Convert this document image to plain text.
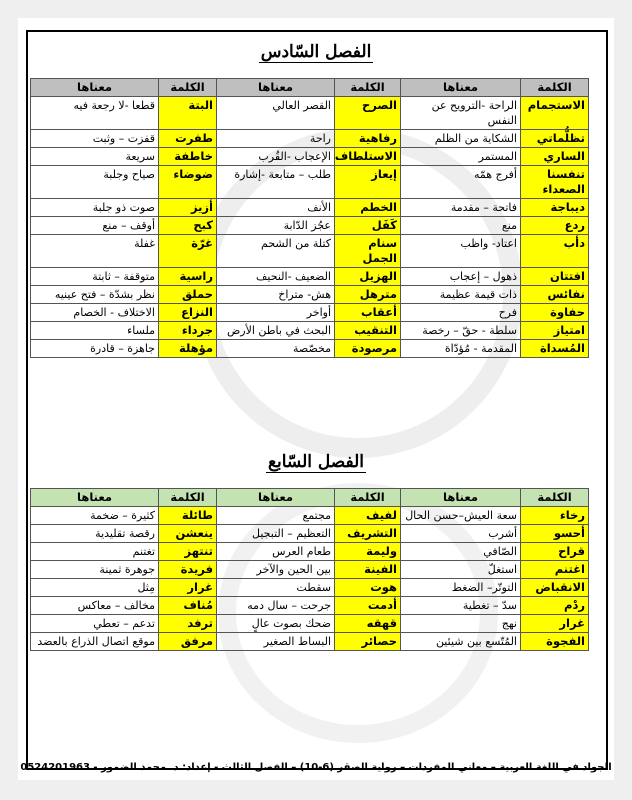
الفصل السّادس
الكلمة	معناها	الكلمة	معناها	الكلمة	معناها
الاستجمام	الراحة -الترويح عن النفس	الصرح	القصر العالي	البتة	قطعا -لا رجعة فيه
تظلُّماتي	الشكاية من الظلم	رفاهية	راحة	طفرت	قفزت – وثبت
الساري	المستمر	الاستلطاف	الإعجاب -القُرب	خاطفة	سريعة
تنفسنا الصعداء	أفرج همّه	إيعاز	طلب – متابعة -إشارة	ضوضاء	صياح وجلبة
ديباجة	فاتحة – مقدمة	الخطم	الأنف	أزيز	صوت ذو جلبة
ردع	منع	كَفَل	عجُز الدّابة	كبح	أوقف – منع
دأب	اعتاد- واظب	سنام الجمل	كتلة من الشحم	غرّة	غفلة
افتتان	ذهول – إعجاب	الهزيل	الضعيف -النحيف	راسية	متوقفة – ثابتة
نفائس	ذات قيمة عظيمة	مترهل	هش- متراخ	حملق	نظر بشدّة – فتح عينيه
حفاوة	فرح	أعقاب	أواخر	النزاع	الاختلاف - الخصام
امتياز	سلطة - حقّ – رخصة	التنقيب	البحث في باطن الأرض	جرداء	ملساء
المُسداة	المقدمة - مُؤدّاة	مرصودة	مخصّصة	مؤهلة	جاهزة – قادرة
الفصل السّابع
الكلمة	معناها	الكلمة	معناها	الكلمة	معناها
رخاء	سعة العيش–حسن الحال	لفيف	مجتمع	طائلة	كثيرة – ضخمة
أحسو	أشرب	التشريف	التعظيم – التبجيل	ينعشن	رقصة تقليدية
قراح	الصّافي	وليمة	طعام العرس	تنتهز	تغتنم
اغتنم	استغلّ	الفينة	بين الحين والآخر	فريدة	جوهرة ثمينة
الانقباض	التوتّر– الضغط	هوت	سقطت	غرار	مِثل
ردْم	سدّ – تغطية	أدمت	جرحت – سال دمه	مُناف	مخالف – معاكس
غرار	نهج	قهقه	ضحك بصوت عالٍ	ترفد	تدعم – تعطي
الفجوة	المُتّسع بين شيئين	حصائر	البساط الصغير	مرفق	موقع اتصال الذراع بالعضد
الجواد في اللغة العربية – معاني المفردات – رواية الصقر (6-10) – الفصل الثالث - إعداد: د. محمد الضمور - 0524201963
